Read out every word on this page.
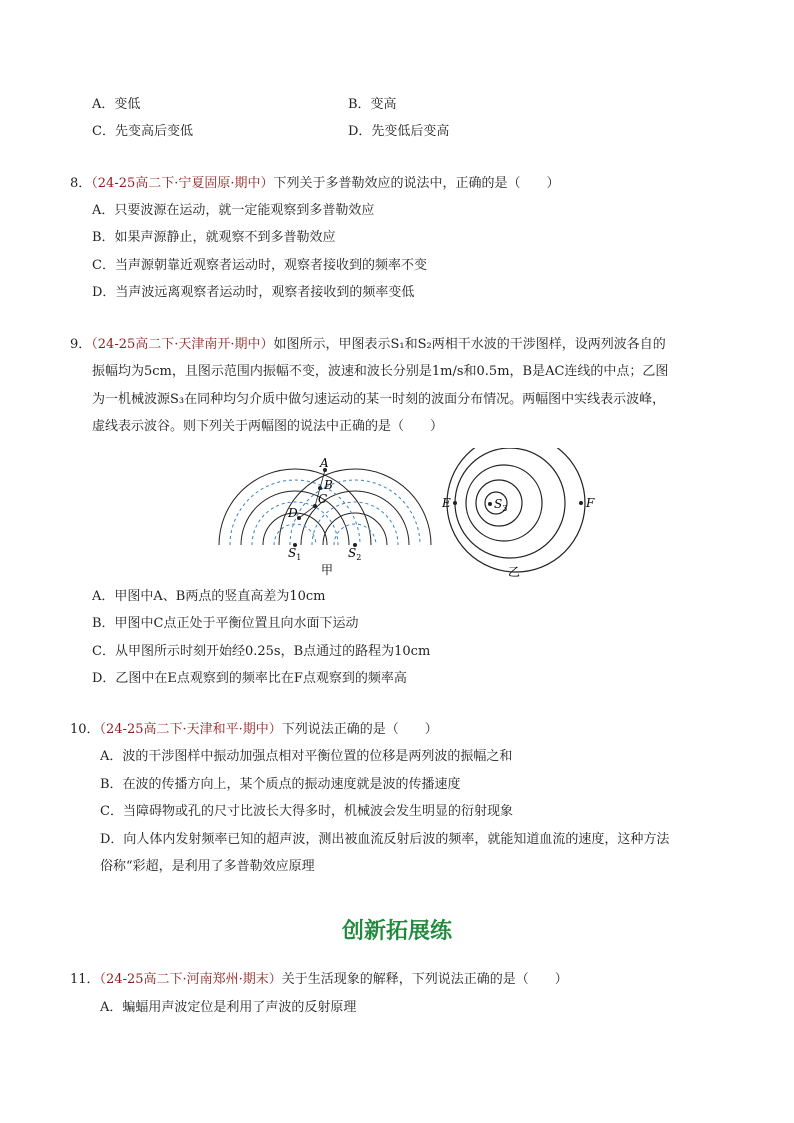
A．变低	B．变高
C．先变高后变低	D．先变低后变高
8．（24-25高二下·宁夏固原·期中）下列关于多普勒效应的说法中，正确的是（　　）
A．只要波源在运动，就一定能观察到多普勒效应
B．如果声源静止，就观察不到多普勒效应
C．当声源朝靠近观察者运动时，观察者接收到的频率不变
D．当声波远离观察者运动时，观察者接收到的频率变低
9．（24-25高二下·天津南开·期中）如图所示，甲图表示S₁和S₂两相干水波的干涉图样，设两列波各自的
振幅均为5cm，且图示范围内振幅不变，波速和波长分别是1m/s和0.5m，B是AC连线的中点；乙图
为一机械波源S₃在同种均匀介质中做匀速运动的某一时刻的波面分布情况。两幅图中实线表示波峰，
虚线表示波谷。则下列关于两幅图的说法中正确的是（　　）
A
B
C
D
$S_1$	$S_2$
甲
E	F
$S_3$
乙
A．甲图中A、B两点的竖直高差为10cm
B．甲图中C点正处于平衡位置且向水面下运动
C．从甲图所示时刻开始经0.25s，B点通过的路程为10cm
D．乙图中在E点观察到的频率比在F点观察到的频率高
10．（24-25高二下·天津和平·期中）下列说法正确的是（　　）
A．波的干涉图样中振动加强点相对平衡位置的位移是两列波的振幅之和
B．在波的传播方向上，某个质点的振动速度就是波的传播速度
C．当障碍物或孔的尺寸比波长大得多时，机械波会发生明显的衍射现象
D．向人体内发射频率已知的超声波，测出被血流反射后波的频率，就能知道血流的速度，这种方法
俗称“彩超，是利用了多普勒效应原理
创新拓展练
11．（24-25高二下·河南郑州·期末）关于生活现象的解释，下列说法正确的是（　　）
A．蝙蝠用声波定位是利用了声波的反射原理
